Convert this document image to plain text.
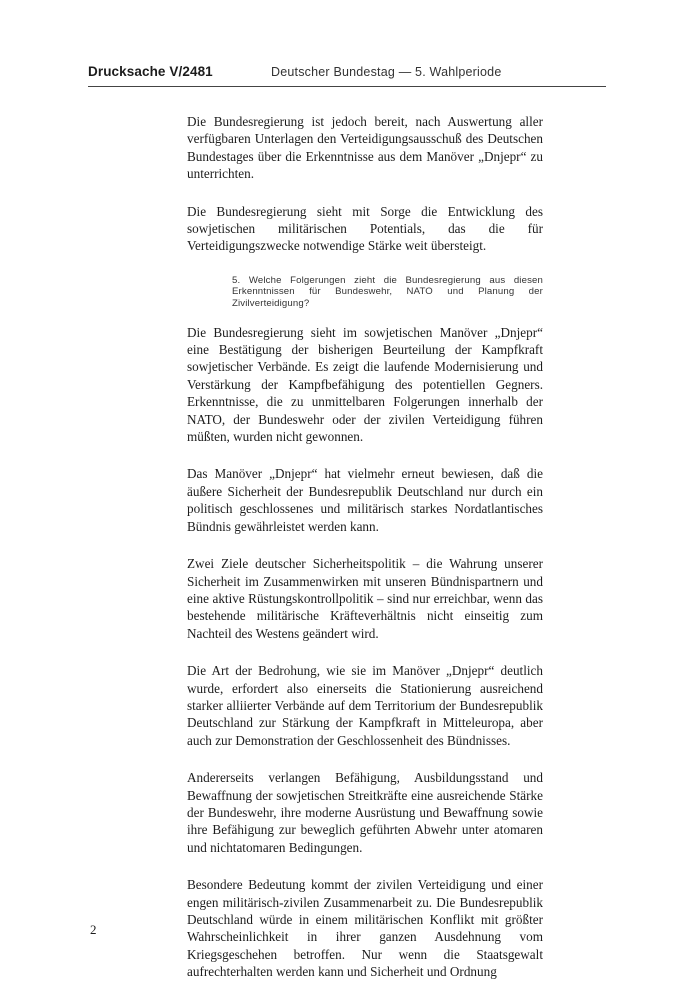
Drucksache V/2481	Deutscher Bundestag — 5. Wahlperiode

Die Bundesregierung ist jedoch bereit, nach Auswertung aller verfügbaren Unterlagen den Verteidigungsausschuß des Deutschen Bundestages über die Erkenntnisse aus dem Manöver „Dnjepr“ zu unterrichten.

Die Bundesregierung sieht mit Sorge die Entwicklung des sowjetischen militärischen Potentials, das die für Verteidigungszwecke notwendige Stärke weit übersteigt.

5. Welche Folgerungen zieht die Bundesregierung aus diesen Erkenntnissen für Bundeswehr, NATO und Planung der Zivilverteidigung?

Die Bundesregierung sieht im sowjetischen Manöver „Dnjepr“ eine Bestätigung der bisherigen Beurteilung der Kampfkraft sowjetischer Verbände. Es zeigt die laufende Modernisierung und Verstärkung der Kampfbefähigung des potentiellen Gegners. Erkenntnisse, die zu unmittelbaren Folgerungen innerhalb der NATO, der Bundeswehr oder der zivilen Verteidigung führen müßten, wurden nicht gewonnen.

Das Manöver „Dnjepr“ hat vielmehr erneut bewiesen, daß die äußere Sicherheit der Bundesrepublik Deutschland nur durch ein politisch geschlossenes und militärisch starkes Nordatlantisches Bündnis gewährleistet werden kann.

Zwei Ziele deutscher Sicherheitspolitik – die Wahrung unserer Sicherheit im Zusammenwirken mit unseren Bündnispartnern und eine aktive Rüstungskontrollpolitik – sind nur erreichbar, wenn das bestehende militärische Kräfteverhältnis nicht einseitig zum Nachteil des Westens geändert wird.

Die Art der Bedrohung, wie sie im Manöver „Dnjepr“ deutlich wurde, erfordert also einerseits die Stationierung ausreichend starker alliierter Verbände auf dem Territorium der Bundesrepublik Deutschland zur Stärkung der Kampfkraft in Mitteleuropa, aber auch zur Demonstration der Geschlossenheit des Bündnisses.

Andererseits verlangen Befähigung, Ausbildungsstand und Bewaffnung der sowjetischen Streitkräfte eine ausreichende Stärke der Bundeswehr, ihre moderne Ausrüstung und Bewaffnung sowie ihre Befähigung zur beweglich geführten Abwehr unter atomaren und nichtatomaren Bedingungen.

Besondere Bedeutung kommt der zivilen Verteidigung und einer engen militärisch-zivilen Zusammenarbeit zu. Die Bundesrepublik Deutschland würde in einem militärischen Konflikt mit größter Wahrscheinlichkeit in ihrer ganzen Ausdehnung vom Kriegsgeschehen betroffen. Nur wenn die Staatsgewalt aufrechterhalten werden kann und Sicherheit und Ordnung

2
